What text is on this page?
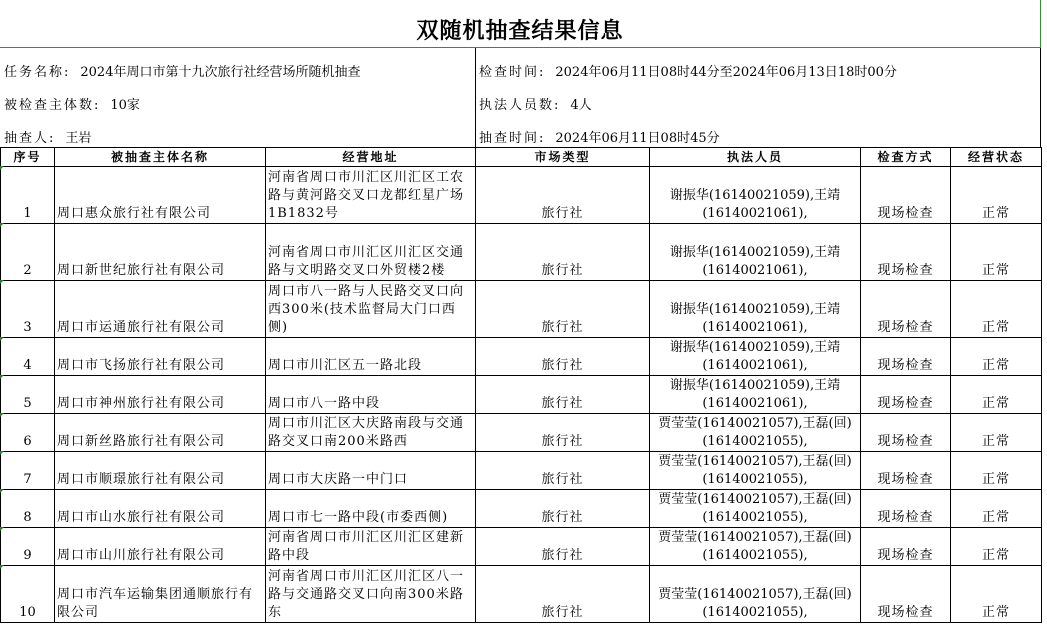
双随机抽查结果信息
任务名称: 2024年周口市第十九次旅行社经营场所随机抽查	检查时间: 2024年06月11日08时44分至2024年06月13日18时00分
被检查主体数: 10家	执法人员数: 4人
抽查人: 王岩	抽查时间: 2024年06月11日08时45分
序号	被抽查主体名称	经营地址	市场类型	执法人员	检查方式	经营状态
1	周口惠众旅行社有限公司	河南省周口市川汇区川汇区工农路与黄河路交叉口龙都红星广场1B1832号	旅行社	谢振华(16140021059),王靖(16140021061),	现场检查	正常
2	周口新世纪旅行社有限公司	河南省周口市川汇区川汇区交通路与文明路交叉口外贸楼2楼	旅行社	谢振华(16140021059),王靖(16140021061),	现场检查	正常
3	周口市运通旅行社有限公司	周口市八一路与人民路交叉口向西300米(技术监督局大门口西侧)	旅行社	谢振华(16140021059),王靖(16140021061),	现场检查	正常
4	周口市飞扬旅行社有限公司	周口市川汇区五一路北段	旅行社	谢振华(16140021059),王靖(16140021061),	现场检查	正常
5	周口市神州旅行社有限公司	周口市八一路中段	旅行社	谢振华(16140021059),王靖(16140021061),	现场检查	正常
6	周口新丝路旅行社有限公司	周口市川汇区大庆路南段与交通路交叉口南200米路西	旅行社	贾莹莹(16140021057),王磊(回)(16140021055),	现场检查	正常
7	周口市顺璟旅行社有限公司	周口市大庆路一中门口	旅行社	贾莹莹(16140021057),王磊(回)(16140021055),	现场检查	正常
8	周口市山水旅行社有限公司	周口市七一路中段(市委西侧)	旅行社	贾莹莹(16140021057),王磊(回)(16140021055),	现场检查	正常
9	周口市山川旅行社有限公司	河南省周口市川汇区川汇区建新路中段	旅行社	贾莹莹(16140021057),王磊(回)(16140021055),	现场检查	正常
10	周口市汽车运输集团通顺旅行有限公司	河南省周口市川汇区川汇区八一路与交通路交叉口向南300米路东	旅行社	贾莹莹(16140021057),王磊(回)(16140021055),	现场检查	正常
